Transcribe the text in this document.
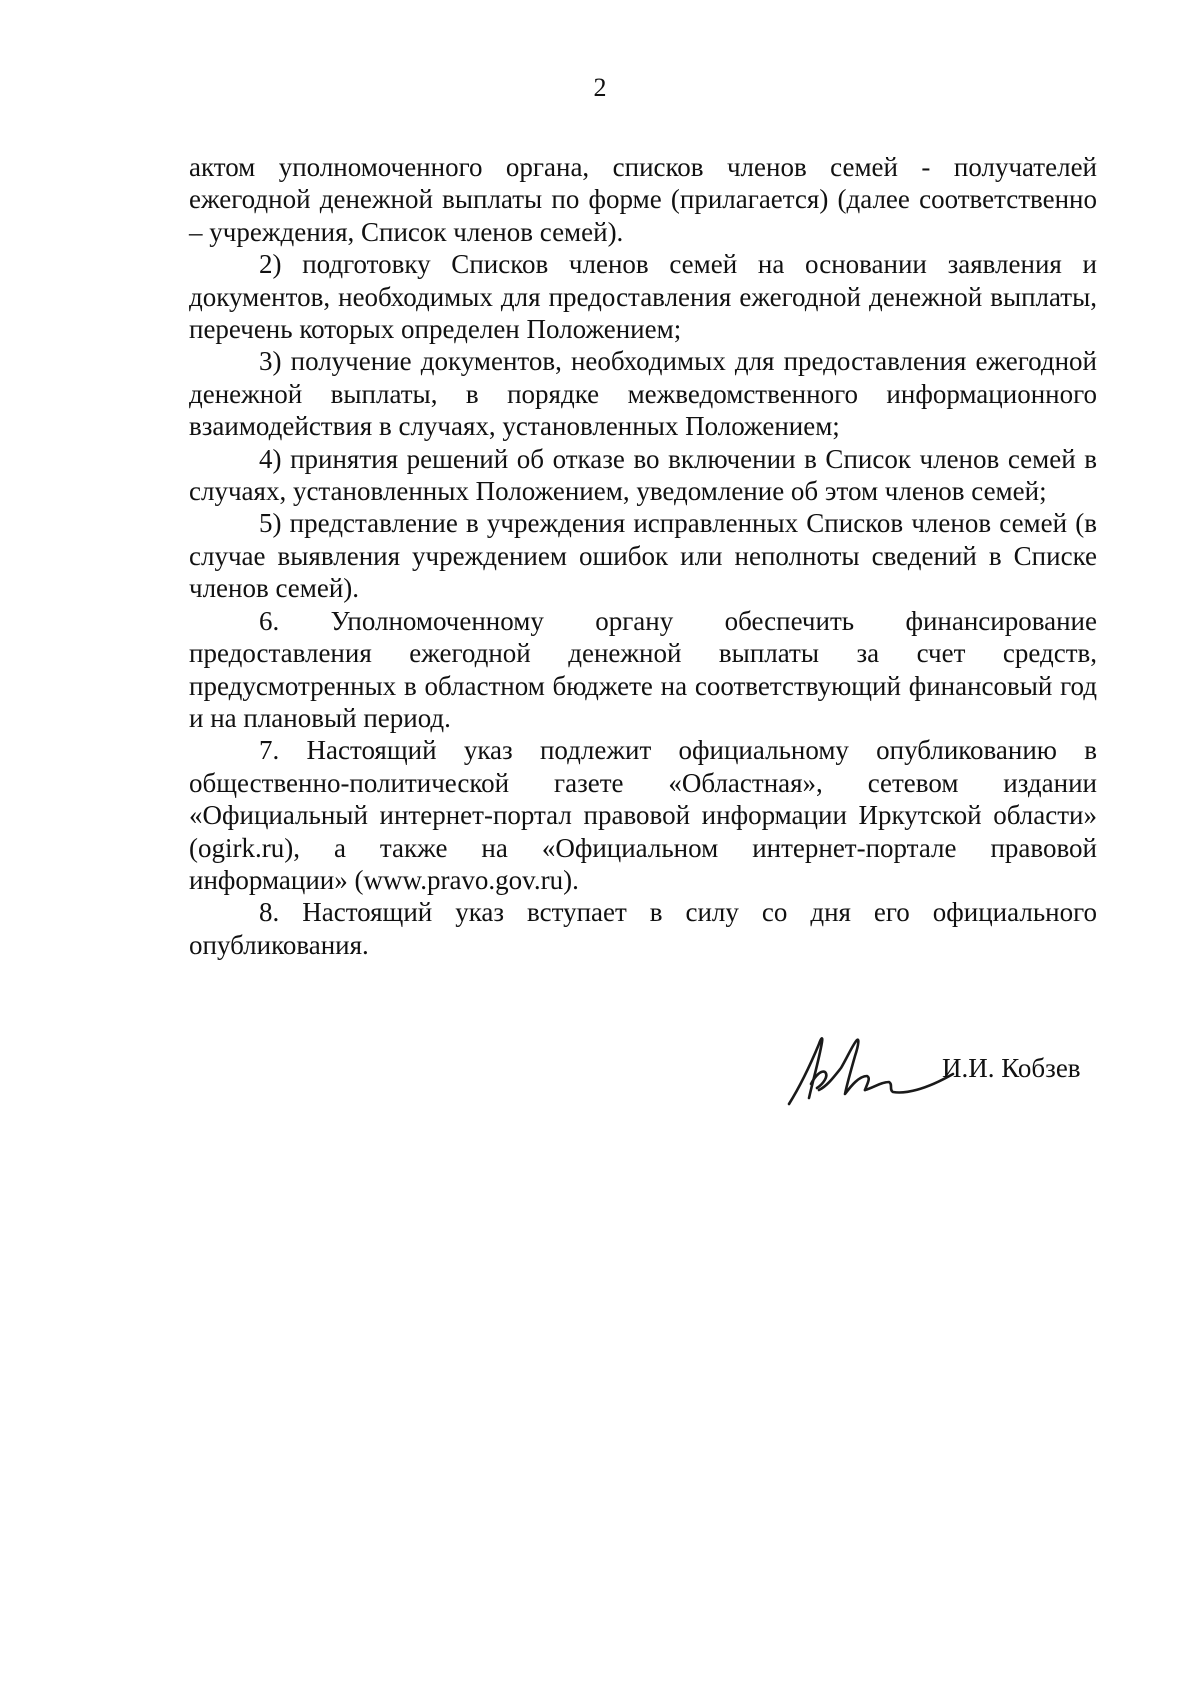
2

актом уполномоченного органа, списков членов семей - получателей ежегодной денежной выплаты по форме (прилагается) (далее соответственно – учреждения, Список членов семей).

2) подготовку Списков членов семей на основании заявления и документов, необходимых для предоставления ежегодной денежной выплаты, перечень которых определен Положением;

3) получение документов, необходимых для предоставления ежегодной денежной выплаты, в порядке межведомственного информационного взаимодействия в случаях, установленных Положением;

4) принятия решений об отказе во включении в Список членов семей в случаях, установленных Положением, уведомление об этом членов семей;

5) представление в учреждения исправленных Списков членов семей (в случае выявления учреждением ошибок или неполноты сведений в Списке членов семей).

6. Уполномоченному органу обеспечить финансирование предоставления ежегодной денежной выплаты за счет средств, предусмотренных в областном бюджете на соответствующий финансовый год и на плановый период.

7. Настоящий указ подлежит официальному опубликованию в общественно-политической газете «Областная», сетевом издании «Официальный интернет-портал правовой информации Иркутской области» (ogirk.ru), а также на «Официальном интернет-портале правовой информации» (www.pravo.gov.ru).

8. Настоящий указ вступает в силу со дня его официального опубликования.

И.И. Кобзев
